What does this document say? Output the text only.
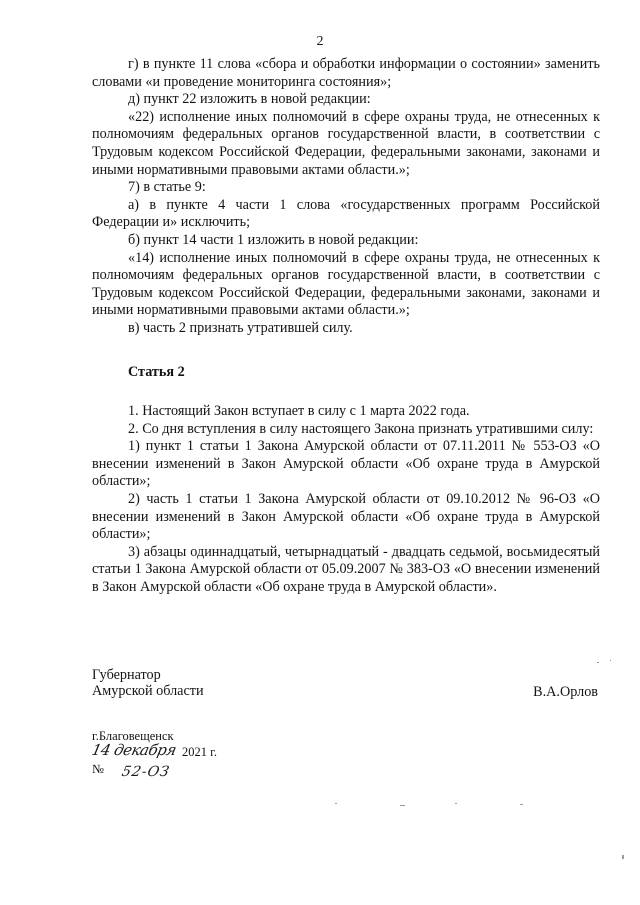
2

г) в пункте 11 слова «сбора и обработки информации о состоянии» заменить словами «и проведение мониторинга состояния»;

д) пункт 22 изложить в новой редакции:

«22) исполнение иных полномочий в сфере охраны труда, не отнесенных к полномочиям федеральных органов государственной власти, в соответствии с Трудовым кодексом Российской Федерации, федеральными законами, законами и иными нормативными правовыми актами области.»;

7) в статье 9:

а) в пункте 4 части 1 слова «государственных программ Российской Федерации и» исключить;

б) пункт 14 части 1 изложить в новой редакции:

«14) исполнение иных полномочий в сфере охраны труда, не отнесенных к полномочиям федеральных органов государственной власти, в соответствии с Трудовым кодексом Российской Федерации, федеральными законами, законами и иными нормативными правовыми актами области.»;

в) часть 2 признать утратившей силу.

Статья 2

1. Настоящий Закон вступает в силу с 1 марта 2022 года.

2. Со дня вступления в силу настоящего Закона признать утратившими силу:

1) пункт 1 статьи 1 Закона Амурской области от 07.11.2011 № 553-ОЗ «О внесении изменений в Закон Амурской области «Об охране труда в Амурской области»;

2) часть 1 статьи 1 Закона Амурской области от 09.10.2012 № 96-ОЗ «О внесении изменений в Закон Амурской области «Об охране труда в Амурской области»;

3) абзацы одиннадцатый, четырнадцатый - двадцать седьмой, восьмидесятый статьи 1 Закона Амурской области от 05.09.2007 № 383-ОЗ «О внесении изменений в Закон Амурской области «Об охране труда в Амурской области».

Губернатор
Амурской области	В.А.Орлов
г.Благовещенск
14 декабря 2021 г.
№ 52-ОЗ
